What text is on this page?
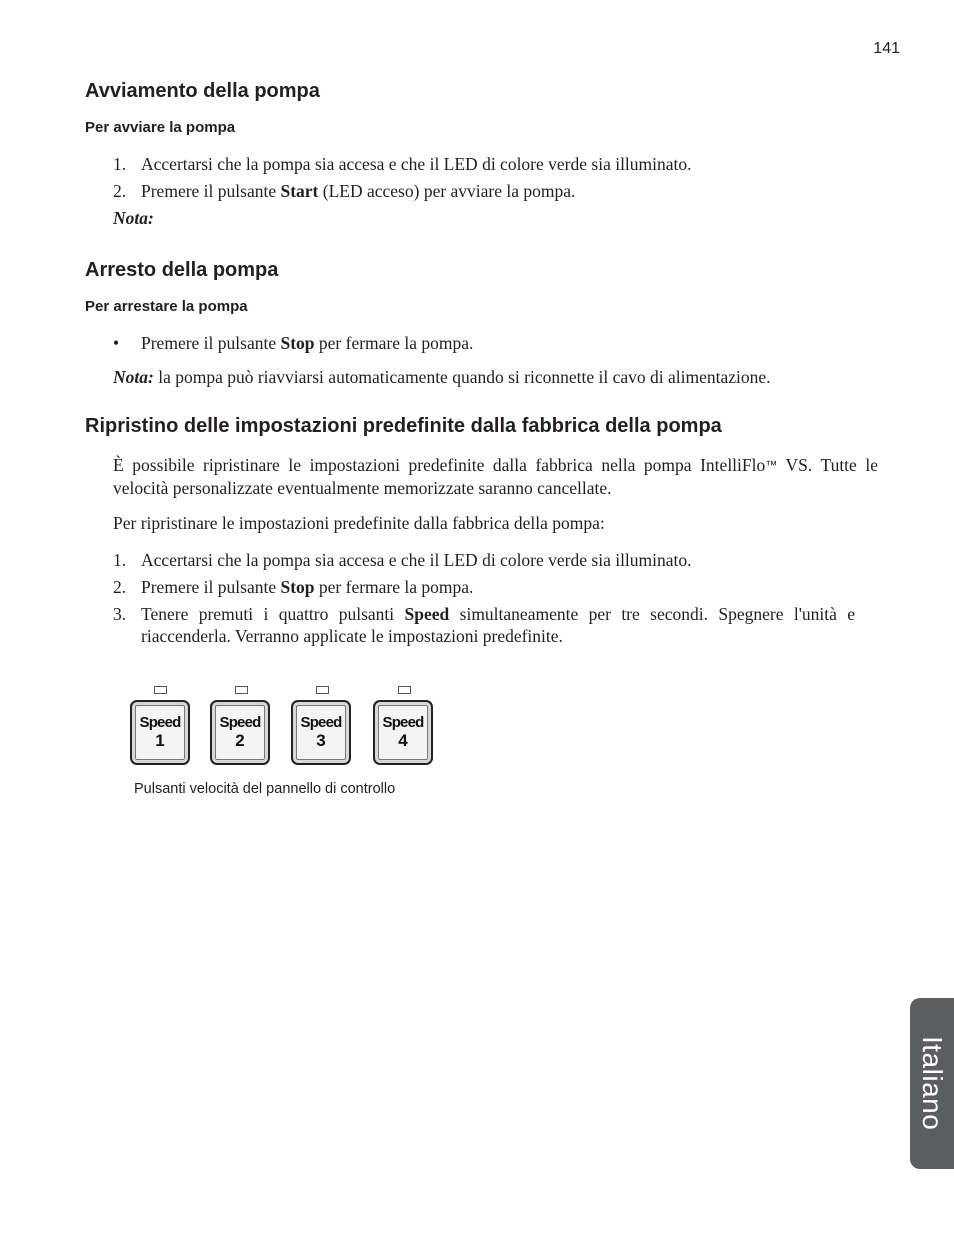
141
Avviamento della pompa
Per avviare la pompa
1. Accertarsi che la pompa sia accesa e che il LED di colore verde sia illuminato.
2. Premere il pulsante Start (LED acceso) per avviare la pompa.
Nota:
Arresto della pompa
Per arrestare la pompa
• Premere il pulsante Stop per fermare la pompa.
Nota: la pompa può riavviarsi automaticamente quando si riconnette il cavo di alimentazione.
Ripristino delle impostazioni predefinite dalla fabbrica della pompa

È possibile ripristinare le impostazioni predefinite dalla fabbrica nella pompa IntelliFlo™ VS. Tutte le velocità personalizzate eventualmente memorizzate saranno cancellate.

Per ripristinare le impostazioni predefinite dalla fabbrica della pompa:
1. Accertarsi che la pompa sia accesa e che il LED di colore verde sia illuminato.
2. Premere il pulsante Stop per fermare la pompa.
3. Tenere premuti i quattro pulsanti Speed simultaneamente per tre secondi. Spegnere l'unità e riaccenderla. Verranno applicate le impostazioni predefinite.

Speed
1
Speed
2
Speed
3
Speed
4
Pulsanti velocità del pannello di controllo
Italiano
